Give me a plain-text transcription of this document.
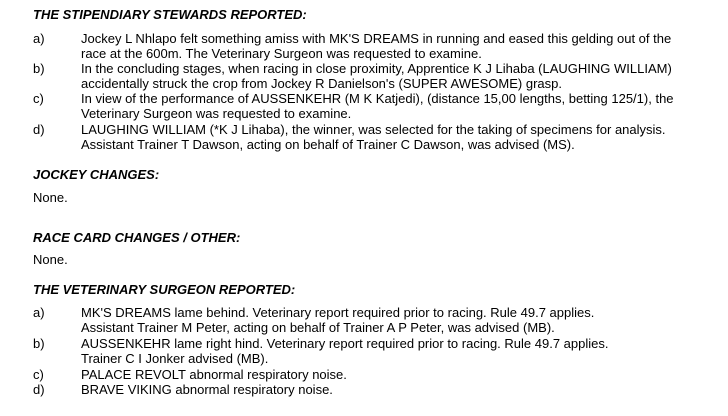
THE STIPENDIARY STEWARDS REPORTED:
a)	Jockey L Nhlapo felt something amiss with MK'S DREAMS in running and eased this gelding out of the
race at the 600m. The Veterinary Surgeon was requested to examine.
b)	In the concluding stages, when racing in close proximity, Apprentice K J Lihaba (LAUGHING WILLIAM)
accidentally struck the crop from Jockey R Danielson's (SUPER AWESOME) grasp.
c)	In view of the performance of AUSSENKEHR (M K Katjedi), (distance 15,00 lengths, betting 125/1), the
Veterinary Surgeon was requested to examine.
d)	LAUGHING WILLIAM (*K J Lihaba), the winner, was selected for the taking of specimens for analysis.
Assistant Trainer T Dawson, acting on behalf of Trainer C Dawson, was advised (MS).
JOCKEY CHANGES:
None.
RACE CARD CHANGES / OTHER:
None.
THE VETERINARY SURGEON REPORTED:
a)	MK'S DREAMS lame behind. Veterinary report required prior to racing. Rule 49.7 applies.
Assistant Trainer M Peter, acting on behalf of Trainer A P Peter, was advised (MB).
b)	AUSSENKEHR lame right hind. Veterinary report required prior to racing. Rule 49.7 applies.
Trainer C I Jonker advised (MB).
c)	PALACE REVOLT abnormal respiratory noise.
d)	BRAVE VIKING abnormal respiratory noise.
